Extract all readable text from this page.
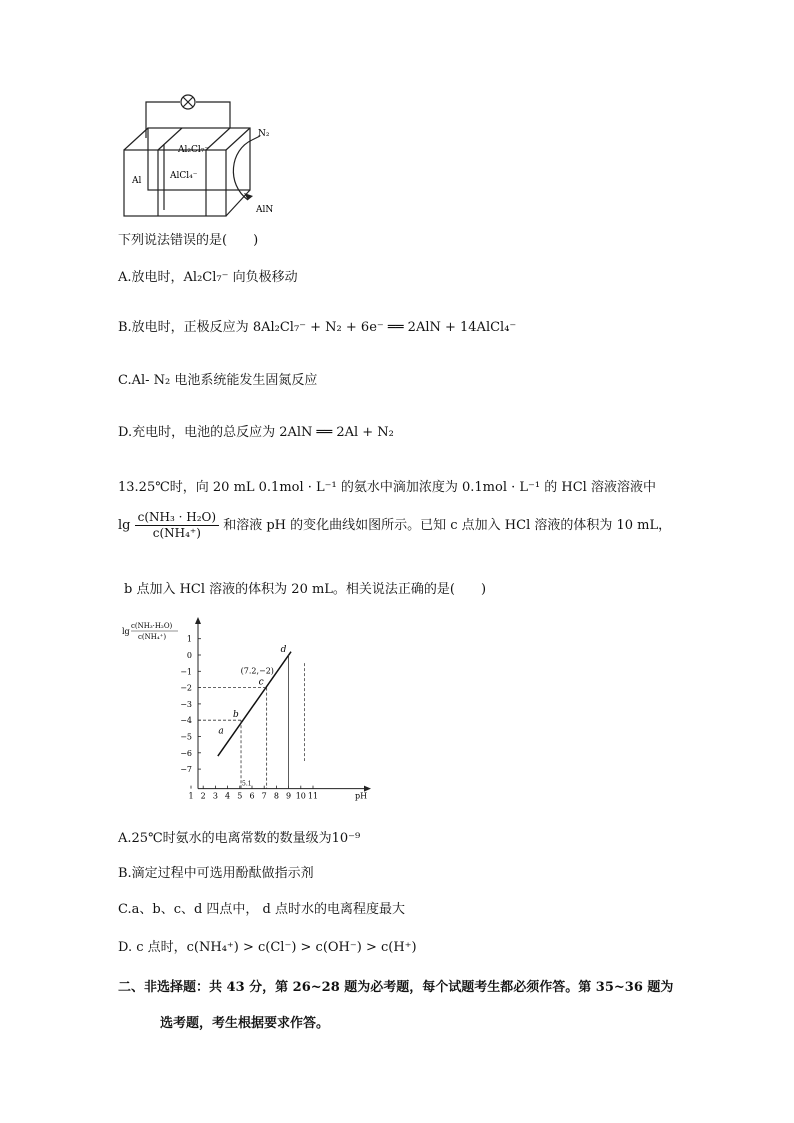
Al₂Cl₇⁻
AlCl₄⁻
Al
N₂
AlN
下列说法错误的是(　　)
A.放电时，Al₂Cl₇⁻ 向负极移动
B.放电时，正极反应为 8Al₂Cl₇⁻ + N₂ + 6e⁻ ══ 2AlN + 14AlCl₄⁻
C.Al- N₂ 电池系统能发生固氮反应
D.充电时，电池的总反应为 2AlN ══ 2Al + N₂
13.25℃时，向 20 mL 0.1mol · L⁻¹ 的氨水中滴加浓度为 0.1mol · L⁻¹ 的 HCl 溶液溶液中
$\lg \frac{\text{c(NH₃ · H₂O)}}{\text{c(NH₄⁺)}}$ 和溶液 pH 的变化曲线如图所示。已知 c 点加入 HCl 溶液的体积为 10 mL，
b 点加入 HCl 溶液的体积为 20 mL。相关说法正确的是(　　)
lg
c(NH₃·H₂O)
c(NH₄⁺)	1
0
−1
−2
−3
−4
−5
−6
−7
1 2 3 4 5 6 7 8 9 10 11	pH
a
b
c
d
(7.2,−2)
5.1
A.25℃时氨水的电离常数的数量级为10⁻⁹
B.滴定过程中可选用酚酞做指示剂
C.a、b、c、d 四点中， d 点时水的电离程度最大
D. c 点时，c(NH₄⁺) > c(Cl⁻) > c(OH⁻) > c(H⁺)
二、非选择题：共 43 分，第 26~28 题为必考题，每个试题考生都必须作答。第 35~36 题为
选考题，考生根据要求作答。
